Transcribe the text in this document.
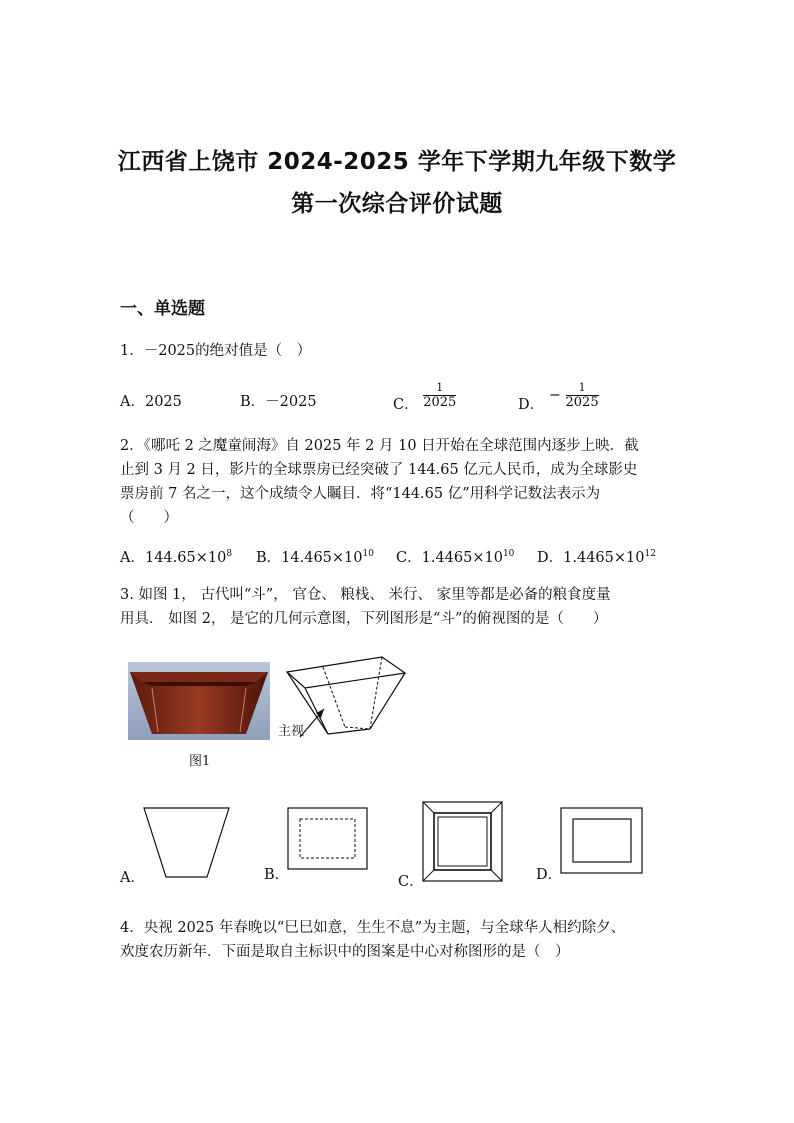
江西省上饶市 2024-2025 学年下学期九年级下数学
第一次综合评价试题
一、单选题
1．－2025的绝对值是（　）
A．2025	B．－2025	C． $\frac{1}{2025}$	D． − $\frac{1}{2025}$
2．《哪吒 2 之魔童闹海》自 2025 年 2 月 10 日开始在全球范围内逐步上映．截
止到 3 月 2 日，影片的全球票房已经突破了 144.65 亿元人民币，成为全球影史
票房前 7 名之一，这个成绩令人瞩目．将“144.65 亿”用科学记数法表示为
（　　）
A．$144.65\times 10^8$ B．$14.465\times 10^{10}$ C．$1.4465\times 10^{10}$ D．$1.4465\times 10^{12}$
3. 如图 1， 古代叫“斗”， 官仓、 粮栈、 米行、 家里等都是必备的粮食度量
用具． 如图 2， 是它的几何示意图，下列图形是“斗”的俯视图的是（　　）
图1
主视
A．	B．	C．	D．
4．央视 2025 年春晚以“巳巳如意，生生不息”为主题，与全球华人相约除夕、
欢度农历新年．下面是取自主标识中的图案是中心对称图形的是（　）
